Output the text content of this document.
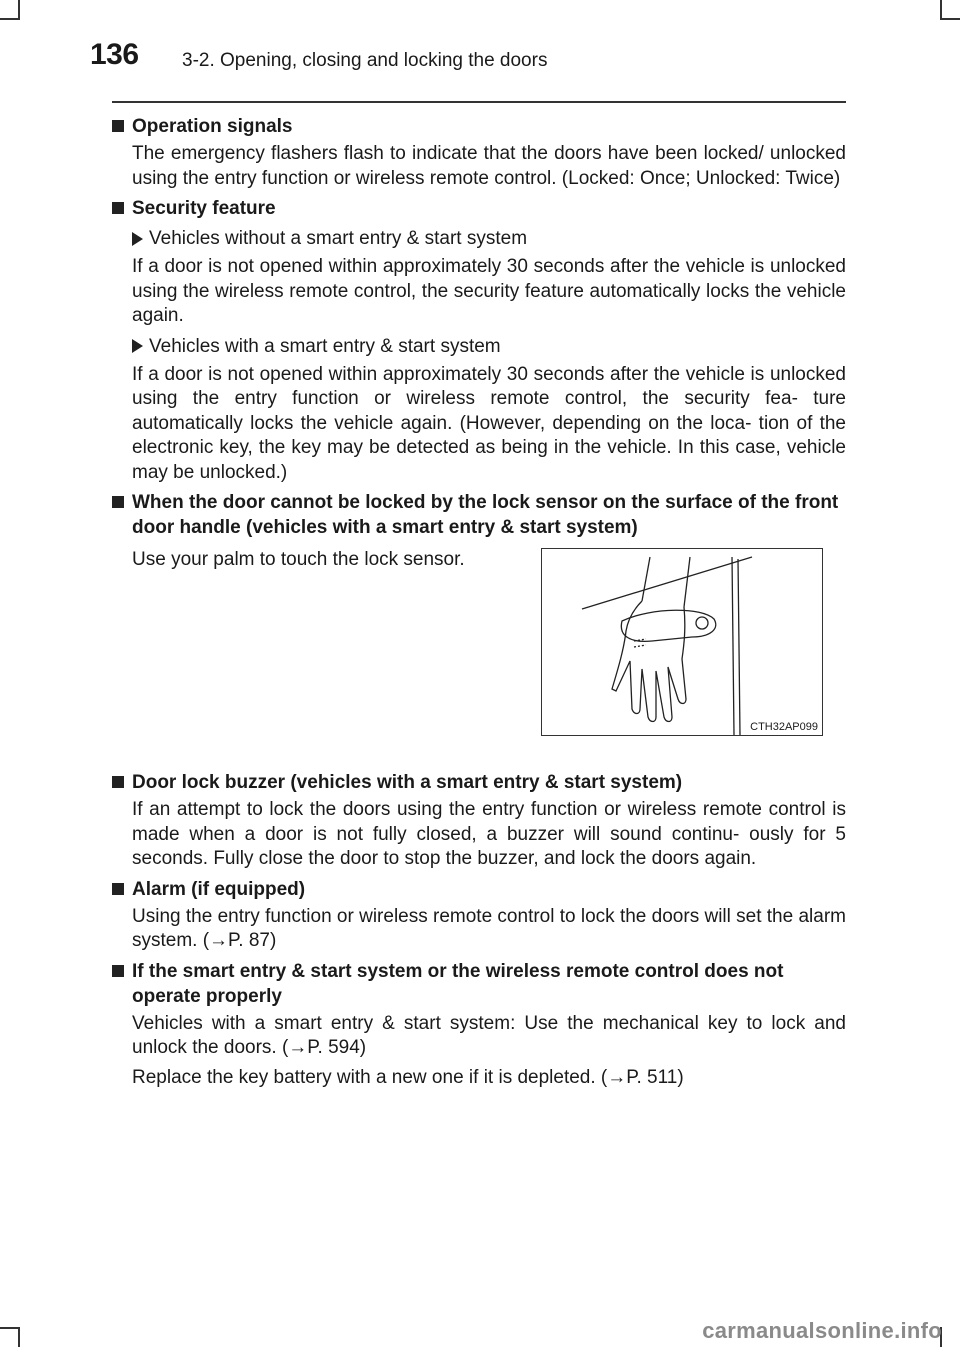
136 3-2. Opening, closing and locking the doors
Operation signals
The emergency flashers flash to indicate that the doors have been locked/ unlocked using the entry function or wireless remote control. (Locked: Once; Unlocked: Twice)
Security feature
Vehicles without a smart entry & start system
If a door is not opened within approximately 30 seconds after the vehicle is unlocked using the wireless remote control, the security feature automatically locks the vehicle again.
Vehicles with a smart entry & start system
If a door is not opened within approximately 30 seconds after the vehicle is unlocked using the entry function or wireless remote control, the security fea- ture automatically locks the vehicle again. (However, depending on the loca- tion of the electronic key, the key may be detected as being in the vehicle. In this case, vehicle may be unlocked.)
When the door cannot be locked by the lock sensor on the surface of the front door handle (vehicles with a smart entry & start system)
Use your palm to touch the lock sensor.
CTH32AP099
Door lock buzzer (vehicles with a smart entry & start system)
If an attempt to lock the doors using the entry function or wireless remote control is made when a door is not fully closed, a buzzer will sound continu- ously for 5 seconds. Fully close the door to stop the buzzer, and lock the doors again.
Alarm (if equipped)
Using the entry function or wireless remote control to lock the doors will set the alarm system. (→P. 87)
If the smart entry & start system or the wireless remote control does not operate properly
Vehicles with a smart entry & start system: Use the mechanical key to lock and unlock the doors. (→P. 594)
Replace the key battery with a new one if it is depleted. (→P. 511)
carmanualsonline.info
